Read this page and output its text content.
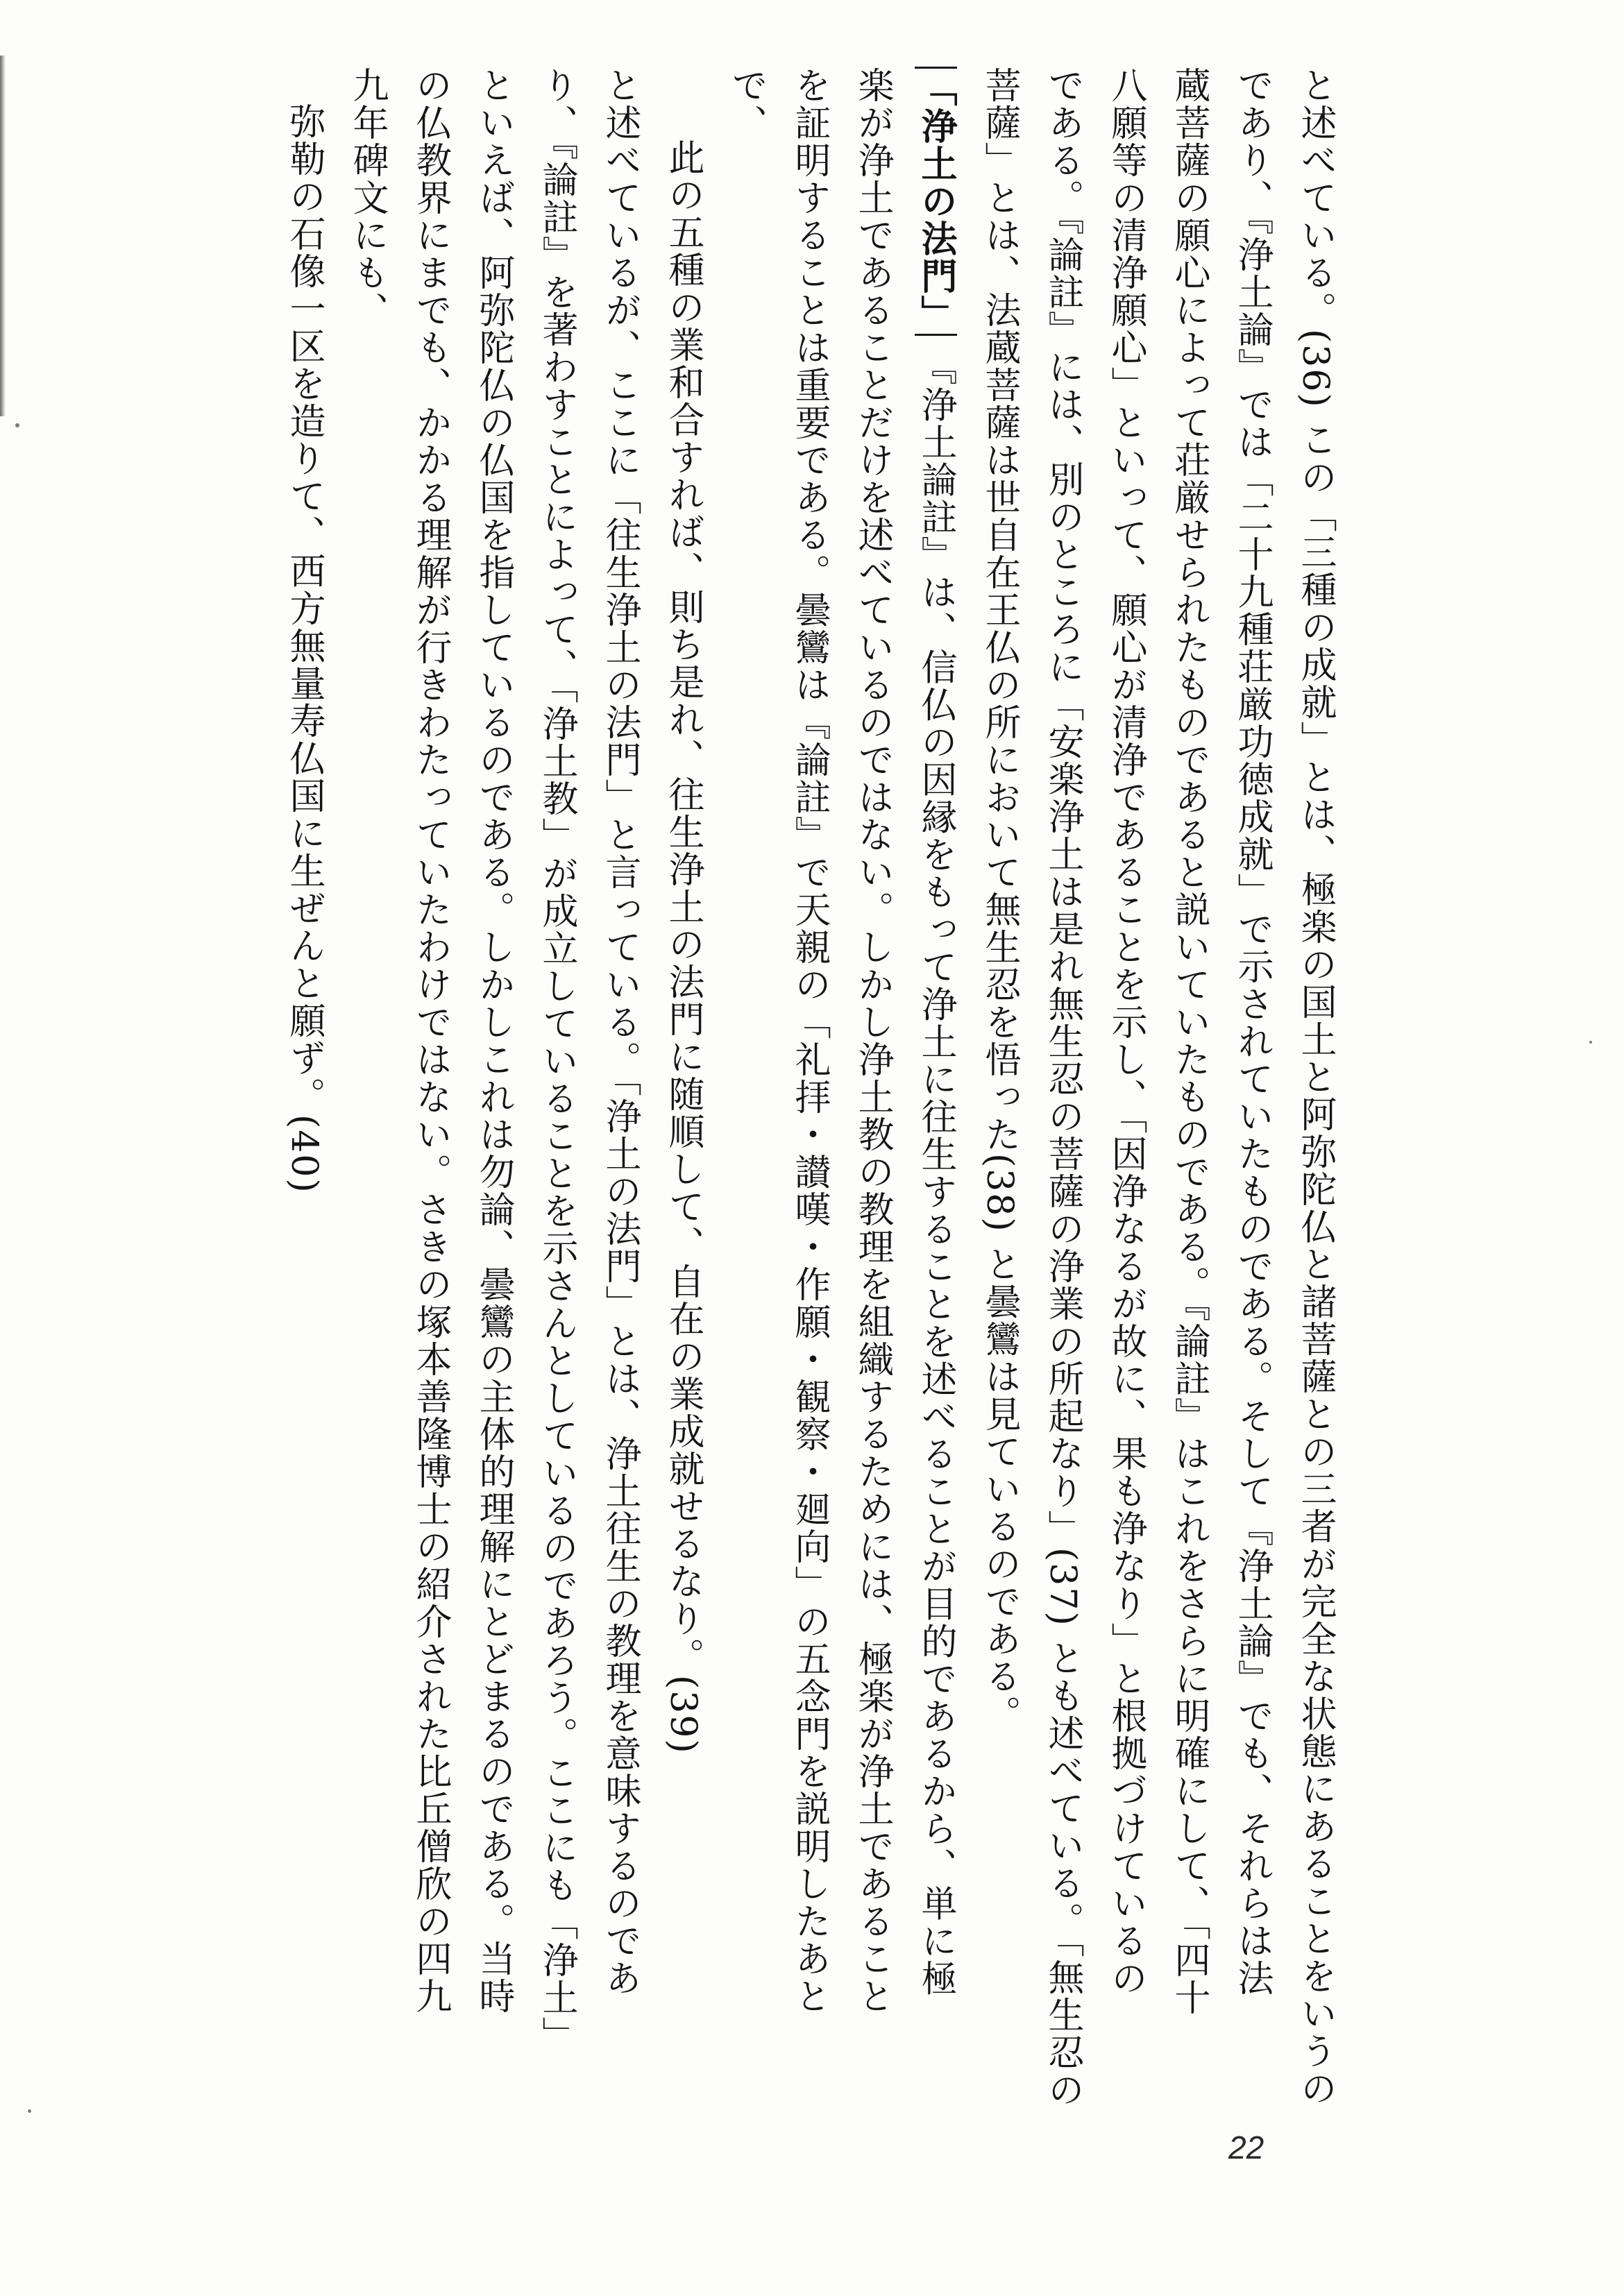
と述べている。(36) この「三種の成就」とは、極楽の国土と阿弥陀仏と諸菩薩との三者が完全な状態にあることをいうの
であり、『浄土論』では「二十九種荘厳功徳成就」で示されていたものである。そして『浄土論』でも、それらは法
蔵菩薩の願心によって荘厳せられたものであると説いていたものである。『論註』はこれをさらに明確にして、「四十
八願等の清浄願心」といって、願心が清浄であることを示し、「因浄なるが故に、果も浄なり」と根拠づけているの
である。『論註』には、別のところに「安楽浄土は是れ無生忍の菩薩の浄業の所起なり」(37) とも述べている。「無生忍の
菩薩」とは、法蔵菩薩は世自在王仏の所において無生忍を悟った(38) と曇鸞は見ているのである。
「浄土の法門」 『浄土論註』は、信仏の因縁をもって浄土に往生することを述べることが目的であるから、単に極
楽が浄土であることだけを述べているのではない。しかし浄土教の教理を組織するためには、極楽が浄土であること
を証明することは重要である。曇鸞は『論註』で天親の「礼拝・讃嘆・作願・観察・廻向」の五念門を説明したあと
で、
此の五種の業和合すれば、則ち是れ、往生浄土の法門に随順して、自在の業成就せるなり。(39)
と述べているが、ここに「往生浄土の法門」と言っている。「浄土の法門」とは、浄土往生の教理を意味するのであ
り、『論註』を著わすことによって、「浄土教」が成立していることを示さんとしているのであろう。ここにも「浄土」
といえば、阿弥陀仏の仏国を指しているのである。しかしこれは勿論、曇鸞の主体的理解にとどまるのである。当時
の仏教界にまでも、かかる理解が行きわたっていたわけではない。さきの塚本善隆博士の紹介された比丘僧欣の四九
九年碑文にも、
弥勒の石像一区を造りて、西方無量寿仏国に生ぜんと願ず。(40)
22
